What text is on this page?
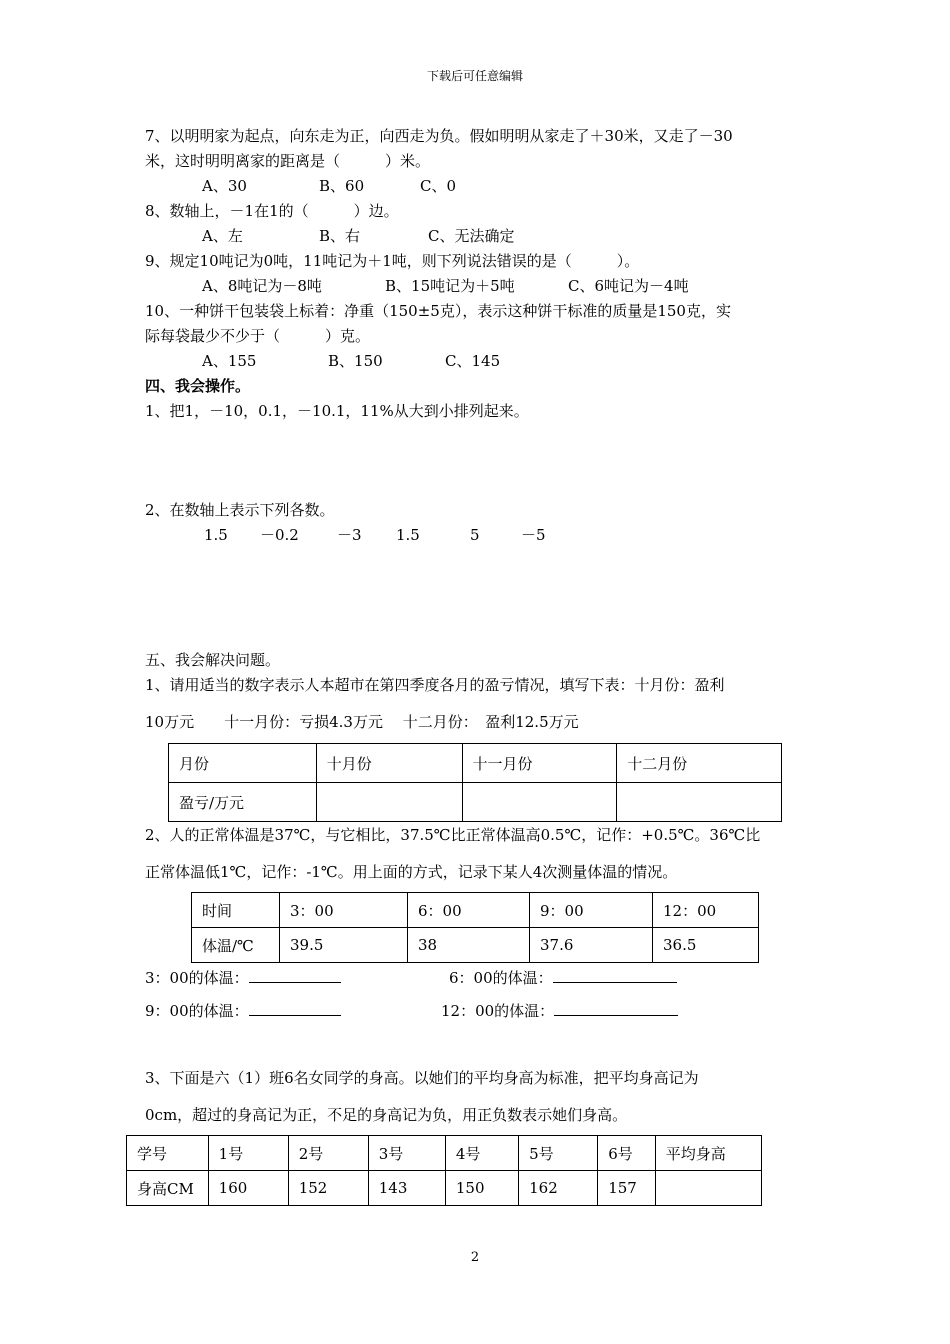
下载后可任意编辑
7、以明明家为起点，向东走为正，向西走为负。假如明明从家走了＋30米，又走了－30
米，这时明明离家的距离是（　　　）米。
A、30	B、60	C、0
8、数轴上，－1在1的（　　　）边。
A、左	B、右	C、无法确定
9、规定10吨记为0吨，11吨记为＋1吨，则下列说法错误的是（　　　）。
A、8吨记为－8吨	B、15吨记为＋5吨	C、6吨记为－4吨
10、一种饼干包装袋上标着：净重（150±5克），表示这种饼干标准的质量是150克，实
际每袋最少不少于（　　　）克。
A、155	B、150	C、145
四、我会操作。
1、把1，－10，0.1，－10.1，11%从大到小排列起来。
2、在数轴上表示下列各数。
1.5 －0.2	－3 1.5	5	－5
五、我会解决问题。
1、请用适当的数字表示人本超市在第四季度各月的盈亏情况，填写下表：十月份：盈利
10万元　　十一月份：亏损4.3万元　 十二月份：　盈利12.5万元
月份	十月份	十一月份	十二月份
盈亏/万元			
2、人的正常体温是37℃，与它相比，37.5℃比正常体温高0.5℃，记作：+0.5℃。36℃比
正常体温低1℃，记作：-1℃。用上面的方式，记录下某人4次测量体温的情况。
时间	3：00	6：00	9：00	12：00
体温/℃	39.5	38	37.6	36.5
3：00的体温：	6：00的体温：
9：00的体温：	12：00的体温：
3、下面是六（1）班6名女同学的身高。以她们的平均身高为标准，把平均身高记为
0cm，超过的身高记为正，不足的身高记为负，用正负数表示她们身高。
学号	1号	2号	3号	4号	5号	6号	平均身高
身高CM	160	152	143	150	162	157	
2
